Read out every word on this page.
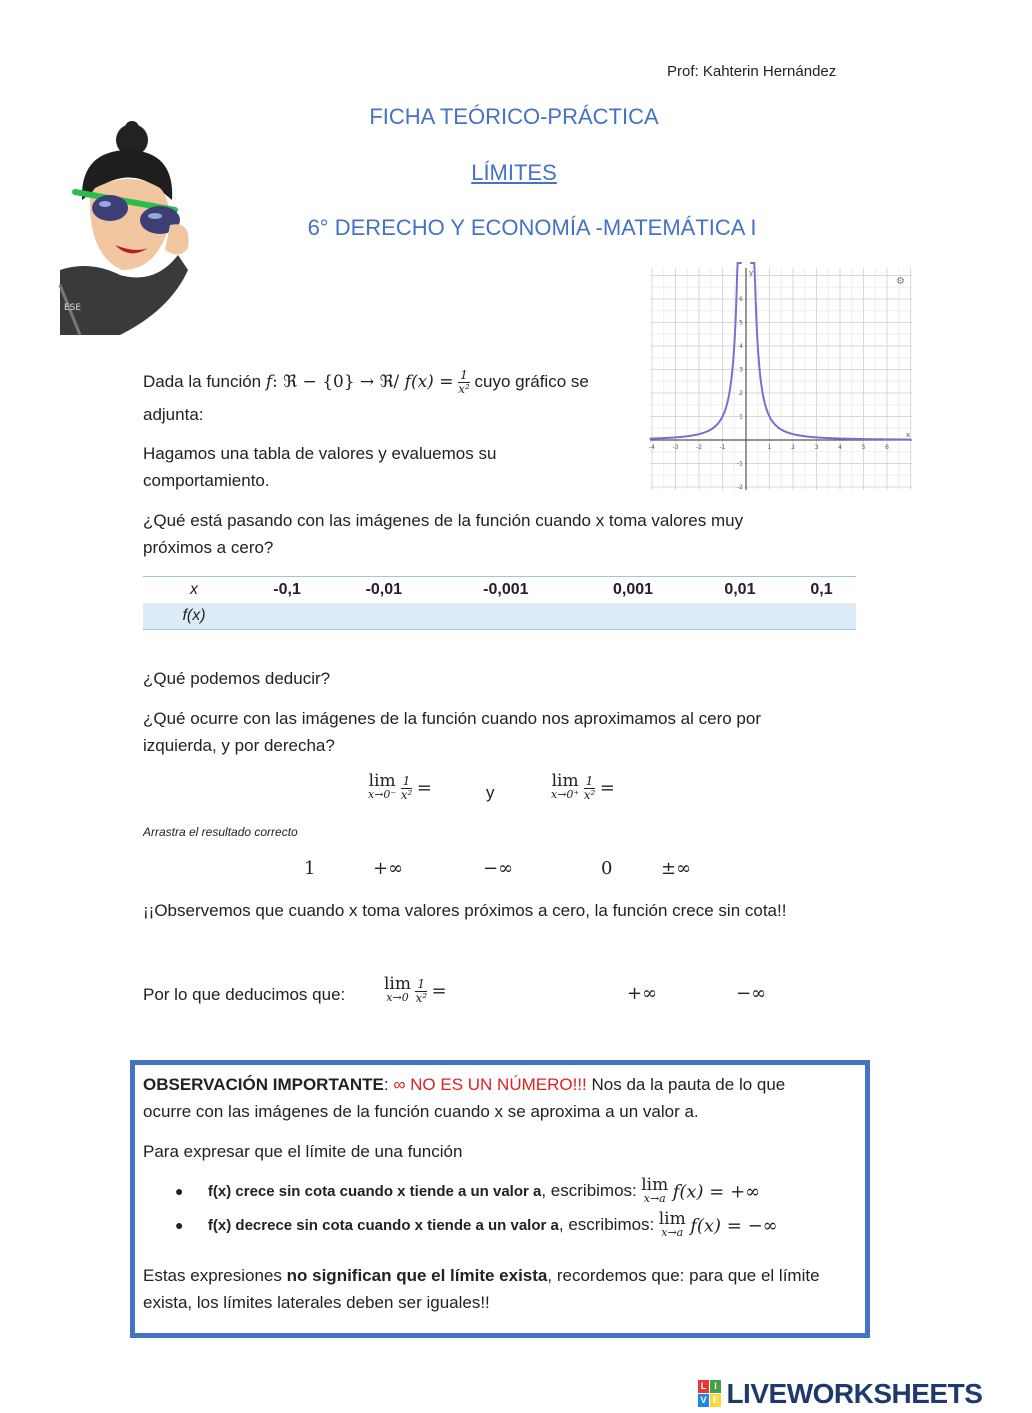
Prof: Kahterin Hernández
ESE
FICHA TEÓRICO-PRÁCTICA
LÍMITES
6° DERECHO Y ECONOMÍA -MATEMÁTICA I
-4	-3	-2	-1	1	2	3	4	5	6
6
5
4
3
2
1
-1
-2
x
y
⚙
Dada la función f: ℜ − {0} → ℜ/ $f(x) = \frac{1}{\text{x²}}$ cuyo gráfico se
adjunta:
Hagamos una tabla de valores y evaluemos su
comportamiento.
¿Qué está pasando con las imágenes de la función cuando x toma valores muy
próximos a cero?
x	-0,1	-0,01	-0,001	0,001	0,01	0,1
f(x)						
¿Qué podemos deducir?
¿Qué ocurre con las imágenes de la función cuando nos aproximamos al cero por
izquierda, y por derecha?
lim
x→0⁻
$\frac{1}{\text{x²}}$ =	y
lim
x→0⁺
$\frac{1}{\text{x²}}$ =
Arrastra el resultado correcto
1	+∞	−∞	0	±∞
¡¡Observemos que cuando x toma valores próximos a cero, la función crece sin cota!!
Por lo que deducimos que:
lim
x→0
$\frac{1}{\text{x²}}$ =	+∞	−∞
OBSERVACIÓN IMPORTANTE: ∞ NO ES UN NÚMERO!!! Nos da la pauta de lo que
ocurre con las imágenes de la función cuando x se aproxima a un valor a.
Para expresar que el límite de una función
● f(x) crece sin cota cuando x tiende a un valor a, escribimos: lim
x→a f(x) = +∞
● f(x) decrece sin cota cuando x tiende a un valor a, escribimos: lim
x→a f(x) = −∞
Estas expresiones no significan que el límite exista, recordemos que: para que el límite
exista, los límites laterales deben ser iguales!!
L I
V E LIVEWORKSHEETS
